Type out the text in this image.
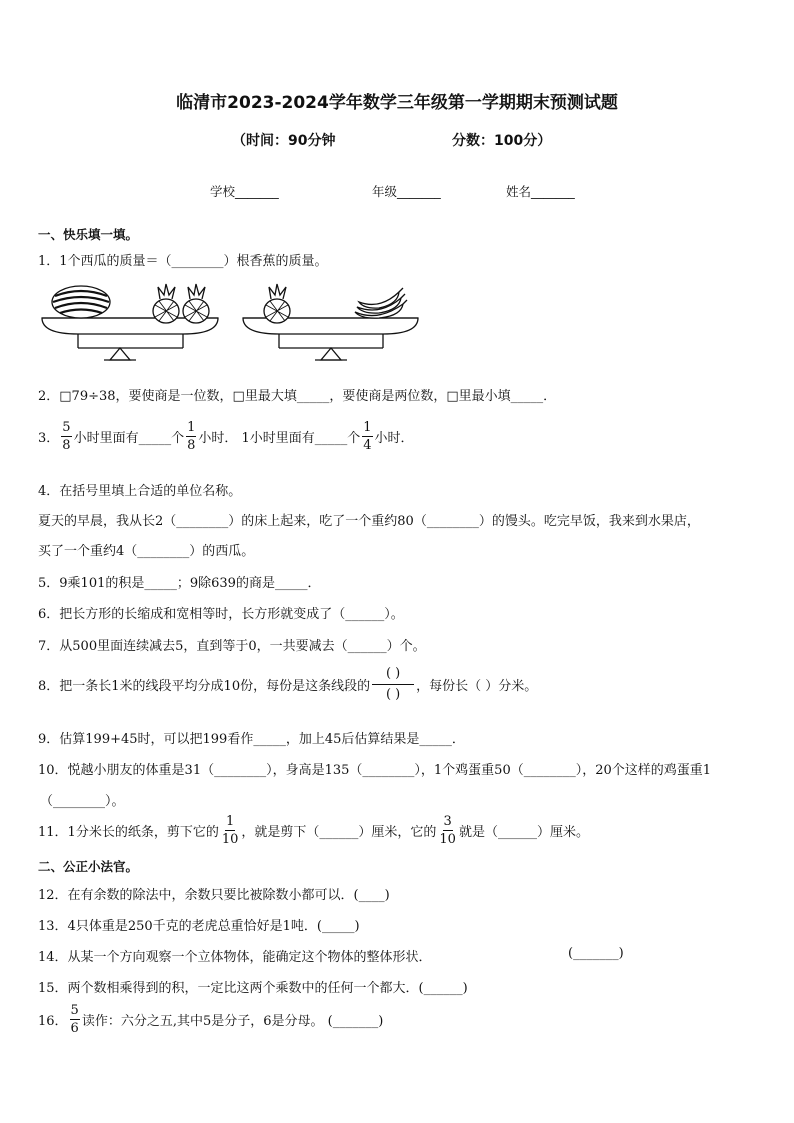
临清市2023-2024学年数学三年级第一学期期末预测试题
（时间：90分钟	分数：100分）
学校_______	年级_______	姓名_______
一、快乐填一填。
1．1个西瓜的质量＝（________）根香蕉的质量。
2．□79÷38，要使商是一位数，□里最大填_____，要使商是两位数，□里最小填_____．
3． $\frac{5}{8}$ 小时里面有_____个 $\frac{1}{8}$ 小时． 1小时里面有_____个 $\frac{1}{4}$ 小时．
4．在括号里填上合适的单位名称。
夏天的早晨，我从长2（________）的床上起来，吃了一个重约80（________）的馒头。吃完早饭，我来到水果店，
买了一个重约4（________）的西瓜。
5．9乘101的积是_____；9除639的商是_____．
6．把长方形的长缩成和宽相等时，长方形就变成了（______）。
7．从500里面连续减去5，直到等于0，一共要减去（______）个。
8．把一条长1米的线段平均分成10份，每份是这条线段的
( )
( )
，每份长（ ）分米。
9．估算199+45时，可以把199看作_____，加上45后估算结果是_____．
10．悦越小朋友的体重是31（________），身高是135（________），1个鸡蛋重50（________），20个这样的鸡蛋重1
（________）。
11．1分米长的纸条，剪下它的 $\frac{1}{10}$ ，就是剪下（______）厘米，它的 $\frac{3}{10}$ 就是（______）厘米。
二、公正小法官。
12．在有余数的除法中，余数只要比被除数小都可以．(____)
13．4只体重是250千克的老虎总重恰好是1吨．(_____)
14．从某一个方向观察一个立体物体，能确定这个物体的整体形状．	(_______)
15．两个数相乘得到的积，一定比这两个乘数中的任何一个都大．(______)
16． $\frac{5}{6}$ 读作：六分之五,其中5是分子，6是分母。 (_______)
